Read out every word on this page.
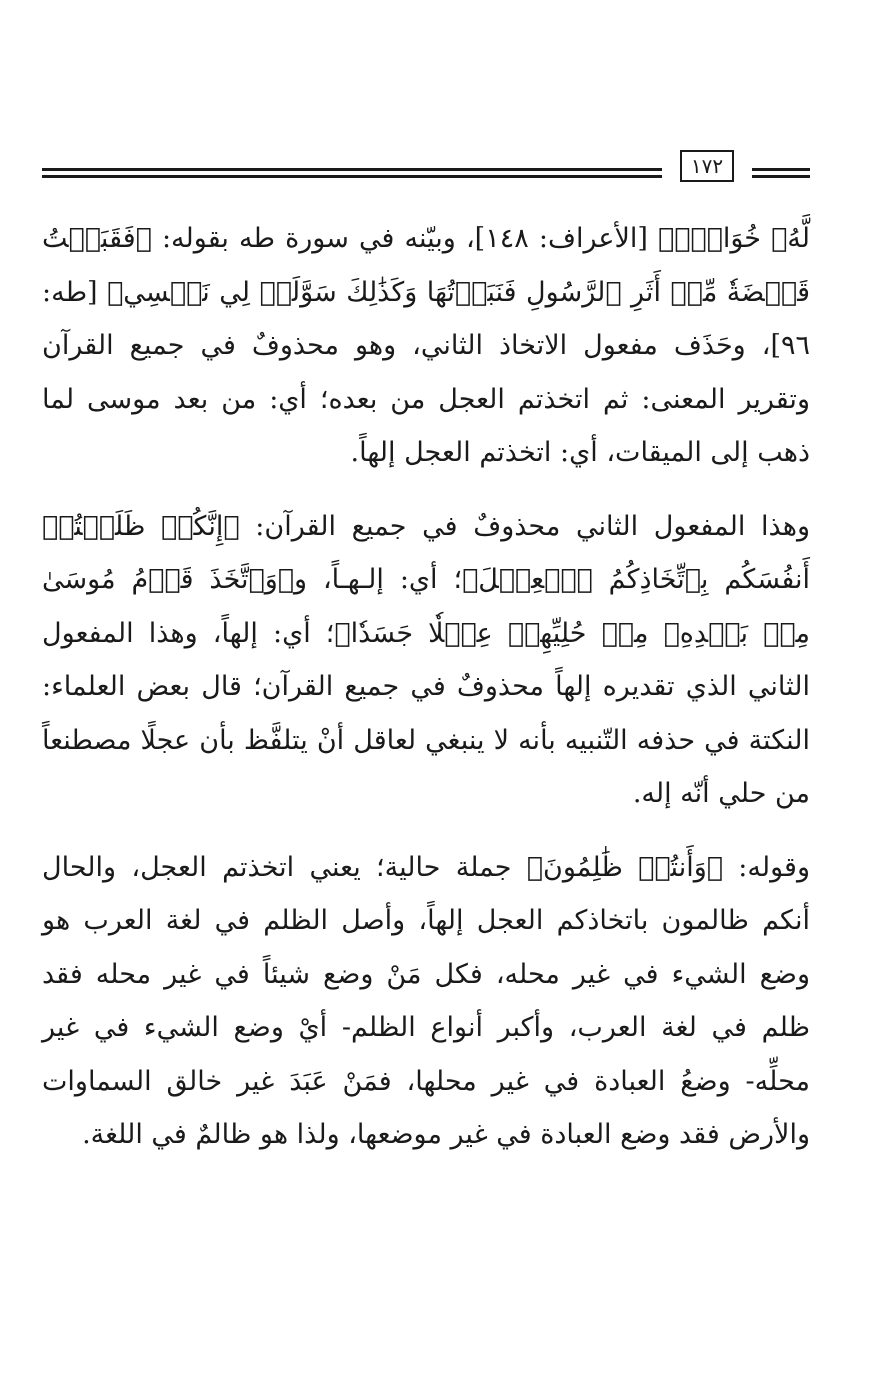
١٧٢

لَّهُۥ خُوَارٌۚ﴾ [الأعراف: ١٤٨]، وبيّنه في سورة طه بقوله: ﴿فَقَبَضۡتُ قَبۡضَةٗ مِّنۡ أَثَرِ ٱلرَّسُولِ فَنَبَذۡتُهَا وَكَذَٰلِكَ سَوَّلَتۡ لِي نَفۡسِي﴾ [طه: ٩٦]، وحَذَف مفعول الاتخاذ الثاني، وهو محذوفٌ في جميع القرآن وتقرير المعنى: ثم اتخذتم العجل من بعده؛ أي: من بعد موسى لما ذهب إلى الميقات، أي: اتخذتم العجل إلهاً.

وهذا المفعول الثاني محذوفٌ في جميع القرآن: ﴿إِنَّكُمۡ ظَلَمۡتُمۡ أَنفُسَكُم بِٱتِّخَاذِكُمُ ٱلۡعِجۡلَ﴾؛ أي: إلـهـاً، و﴿وَٱتَّخَذَ قَوۡمُ مُوسَىٰ مِنۢ بَعۡدِهِۦ مِنۡ حُلِيِّهِمۡ عِجۡلٗا جَسَدٗا﴾؛ أي: إلهاً، وهذا المفعول الثاني الذي تقديره إلهاً محذوفٌ في جميع القرآن؛ قال بعض العلماء: النكتة في حذفه التّنبيه بأنه لا ينبغي لعاقل أنْ يتلفَّظ بأن عجلًا مصطنعاً من حلي أنّه إله.

وقوله: ﴿وَأَنتُمۡ ظَٰلِمُونَ﴾ جملة حالية؛ يعني اتخذتم العجل، والحال أنكم ظالمون باتخاذكم العجل إلهاً، وأصل الظلم في لغة العرب هو وضع الشيء في غير محله، فكل مَنْ وضع شيئاً في غير محله فقد ظلم في لغة العرب، وأكبر أنواع الظلم- أيْ وضع الشيء في غير محلِّه- وضعُ العبادة في غير محلها، فمَنْ عَبَدَ غير خالق السماوات والأرض فقد وضع العبادة في غير موضعها، ولذا هو ظالمٌ في اللغة.
